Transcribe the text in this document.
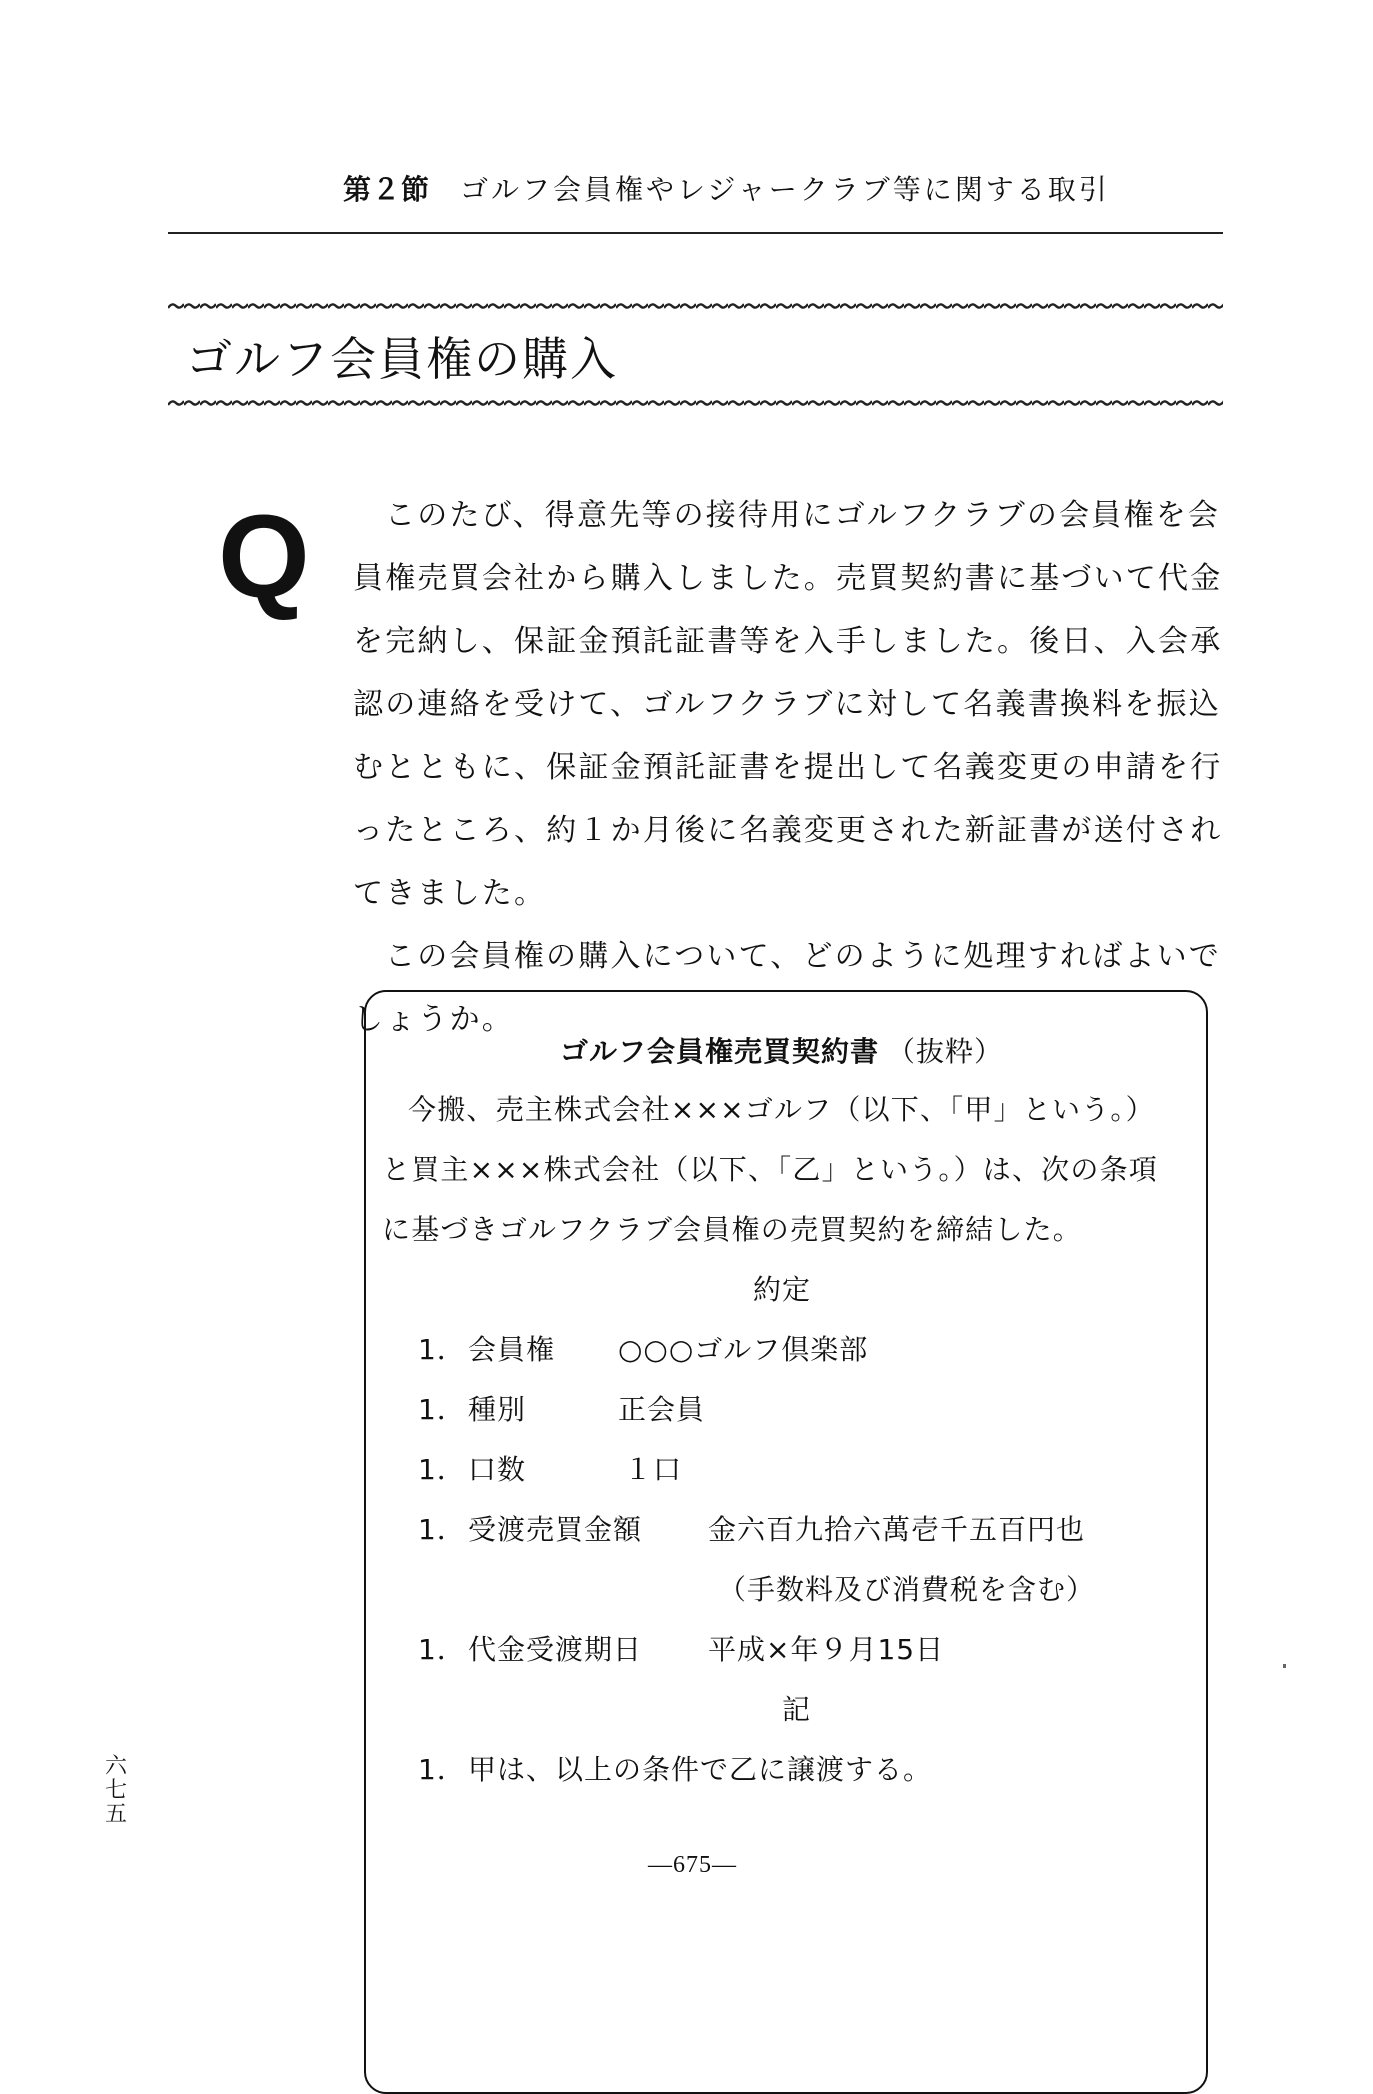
第２節 ゴルフ会員権やレジャークラブ等に関する取引
ゴルフ会員権の購入
Q	このたび、得意先等の接待用にゴルフクラブの会員権を会員権売買会社から購入しました。売買契約書に基づいて代金を完納し、保証金預託証書等を入手しました。後日、入会承認の連絡を受けて、ゴルフクラブに対して名義書換料を振込むとともに、保証金預託証書を提出して名義変更の申請を行ったところ、約１か月後に名義変更された新証書が送付されてきました。

この会員権の購入について、どのように処理すればよいでしょうか。

ゴルフ会員権売買契約書 （抜粋）
今搬、売主株式会社×××ゴルフ（以下、「甲」という。）
と買主×××株式会社（以下、「乙」という。）は、次の条項
に基づきゴルフクラブ会員権の売買契約を締結した。
約定
1．会員権 ○○○ゴルフ倶楽部
1．種別	正会員
1．口数	１口
1．受渡売買金額 金六百九拾六萬壱千五百円也
（手数料及び消費税を含む）
1．代金受渡期日 平成×年９月15日
記
1．甲は、以上の条件で乙に譲渡する。
—675—
六七五
